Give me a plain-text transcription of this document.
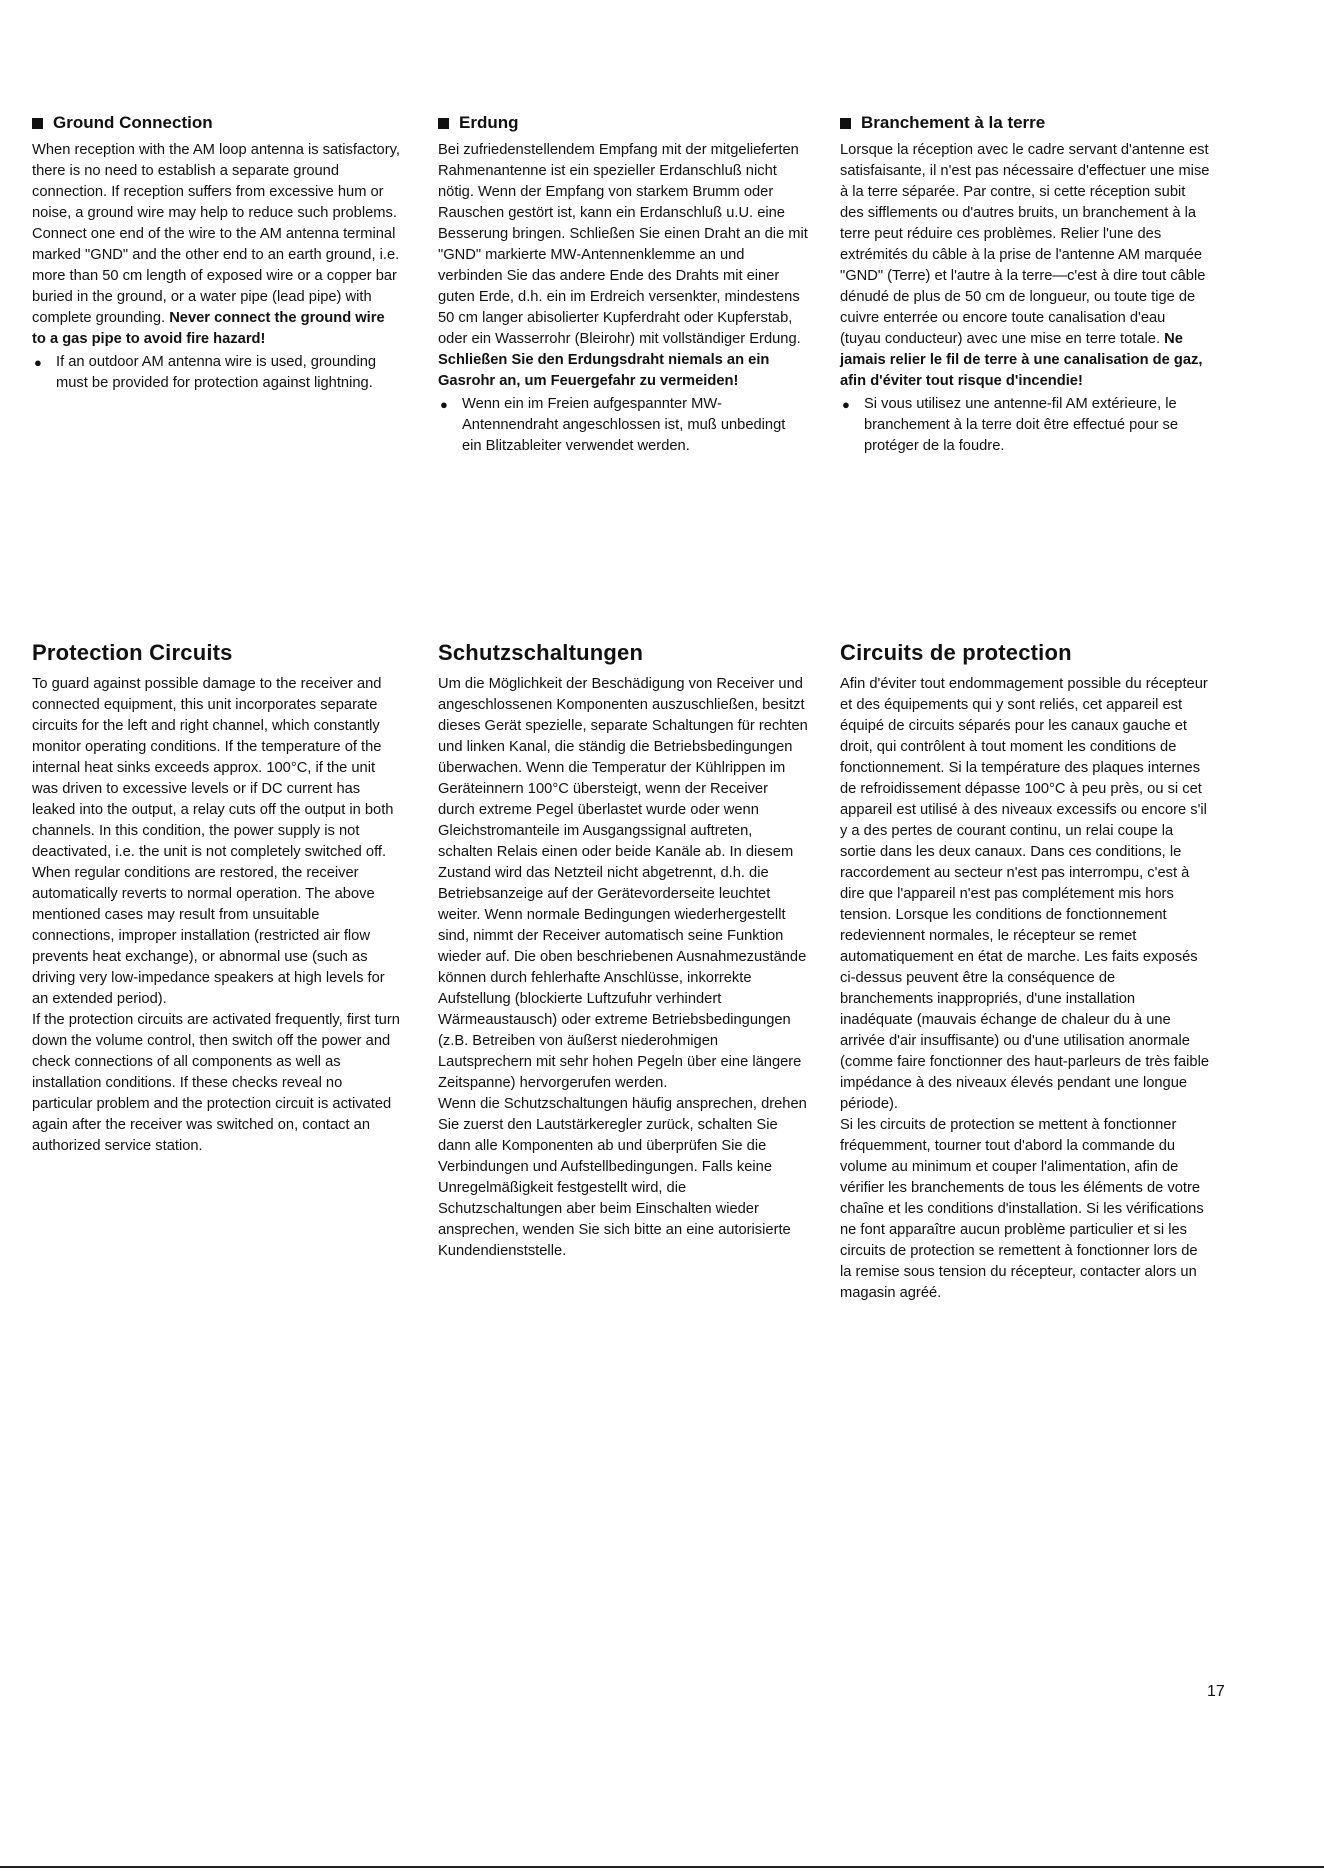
Ground Connection

When reception with the AM loop antenna is satisfactory, there is no need to establish a separate ground connection. If reception suffers from excessive hum or noise, a ground wire may help to reduce such problems. Connect one end of the wire to the AM antenna terminal marked "GND" and the other end to an earth ground, i.e. more than 50 cm length of exposed wire or a copper bar buried in the ground, or a water pipe (lead pipe) with complete grounding. Never connect the ground wire to a gas pipe to avoid fire hazard!

● If an outdoor AM antenna wire is used, grounding must be provided for protection against lightning.
Protection Circuits

To guard against possible damage to the receiver and connected equipment, this unit incorporates separate circuits for the left and right channel, which constantly monitor operating conditions. If the temperature of the internal heat sinks exceeds approx. 100°C, if the unit was driven to excessive levels or if DC current has leaked into the output, a relay cuts off the output in both channels. In this condition, the power supply is not deactivated, i.e. the unit is not completely switched off. When regular conditions are restored, the receiver automatically reverts to normal operation. The above mentioned cases may result from unsuitable connections, improper installation (restricted air flow prevents heat exchange), or abnormal use (such as driving very low-impedance speakers at high levels for an extended period).

If the protection circuits are activated frequently, first turn down the volume control, then switch off the power and check connections of all components as well as installation conditions. If these checks reveal no particular problem and the protection circuit is activated again after the receiver was switched on, contact an authorized service station.

Erdung

Bei zufriedenstellendem Empfang mit der mitgelieferten Rahmenantenne ist ein spezieller Erdanschluß nicht nötig. Wenn der Empfang von starkem Brumm oder Rauschen gestört ist, kann ein Erdanschluß u.U. eine Besserung bringen. Schließen Sie einen Draht an die mit "GND" markierte MW-Antennenklemme an und verbinden Sie das andere Ende des Drahts mit einer guten Erde, d.h. ein im Erdreich versenkter, mindestens 50 cm langer abisolierter Kupferdraht oder Kupferstab, oder ein Wasserrohr (Bleirohr) mit vollständiger Erdung. Schließen Sie den Erdungsdraht niemals an ein Gasrohr an, um Feuergefahr zu vermeiden!

● Wenn ein im Freien aufgespannter MW-Antennendraht angeschlossen ist, muß unbedingt ein Blitzableiter verwendet werden.
Schutzschaltungen

Um die Möglichkeit der Beschädigung von Receiver und angeschlossenen Komponenten auszuschließen, besitzt dieses Gerät spezielle, separate Schaltungen für rechten und linken Kanal, die ständig die Betriebsbedingungen überwachen. Wenn die Temperatur der Kühlrippen im Geräteinnern 100°C übersteigt, wenn der Receiver durch extreme Pegel überlastet wurde oder wenn Gleichstromanteile im Ausgangssignal auftreten, schalten Relais einen oder beide Kanäle ab. In diesem Zustand wird das Netzteil nicht abgetrennt, d.h. die Betriebsanzeige auf der Gerätevorderseite leuchtet weiter. Wenn normale Bedingungen wiederhergestellt sind, nimmt der Receiver automatisch seine Funktion wieder auf. Die oben beschriebenen Ausnahmezustände können durch fehlerhafte Anschlüsse, inkorrekte Aufstellung (blockierte Luftzufuhr verhindert Wärmeaustausch) oder extreme Betriebsbedingungen (z.B. Betreiben von äußerst niederohmigen Lautsprechern mit sehr hohen Pegeln über eine längere Zeitspanne) hervorgerufen werden.

Wenn die Schutzschaltungen häufig ansprechen, drehen Sie zuerst den Lautstärkeregler zurück, schalten Sie dann alle Komponenten ab und überprüfen Sie die Verbindungen und Aufstellbedingungen. Falls keine Unregelmäßigkeit festgestellt wird, die Schutzschaltungen aber beim Einschalten wieder ansprechen, wenden Sie sich bitte an eine autorisierte Kundendienststelle.

Branchement à la terre

Lorsque la réception avec le cadre servant d'antenne est satisfaisante, il n'est pas nécessaire d'effectuer une mise à la terre séparée. Par contre, si cette réception subit des sifflements ou d'autres bruits, un branchement à la terre peut réduire ces problèmes. Relier l'une des extrémités du câble à la prise de l'antenne AM marquée "GND" (Terre) et l'autre à la terre—c'est à dire tout câble dénudé de plus de 50 cm de longueur, ou toute tige de cuivre enterrée ou encore toute canalisation d'eau (tuyau conducteur) avec une mise en terre totale. Ne jamais relier le fil de terre à une canalisation de gaz, afin d'éviter tout risque d'incendie!

● Si vous utilisez une antenne-fil AM extérieure, le branchement à la terre doit être effectué pour se protéger de la foudre.
Circuits de protection

Afin d'éviter tout endommagement possible du récepteur et des équipements qui y sont reliés, cet appareil est équipé de circuits séparés pour les canaux gauche et droit, qui contrôlent à tout moment les conditions de fonctionnement. Si la température des plaques internes de refroidissement dépasse 100°C à peu près, ou si cet appareil est utilisé à des niveaux excessifs ou encore s'il y a des pertes de courant continu, un relai coupe la sortie dans les deux canaux. Dans ces conditions, le raccordement au secteur n'est pas interrompu, c'est à dire que l'appareil n'est pas complétement mis hors tension. Lorsque les conditions de fonctionnement redeviennent normales, le récepteur se remet automatiquement en état de marche. Les faits exposés ci-dessus peuvent être la conséquence de branchements inappropriés, d'une installation inadéquate (mauvais échange de chaleur du à une arrivée d'air insuffisante) ou d'une utilisation anormale (comme faire fonctionner des haut-parleurs de très faible impédance à des niveaux élevés pendant une longue période).

Si les circuits de protection se mettent à fonctionner fréquemment, tourner tout d'abord la commande du volume au minimum et couper l'alimentation, afin de vérifier les branchements de tous les éléments de votre chaîne et les conditions d'installation. Si les vérifications ne font apparaître aucun problème particulier et si les circuits de protection se remettent à fonctionner lors de la remise sous tension du récepteur, contacter alors un magasin agréé.

17
